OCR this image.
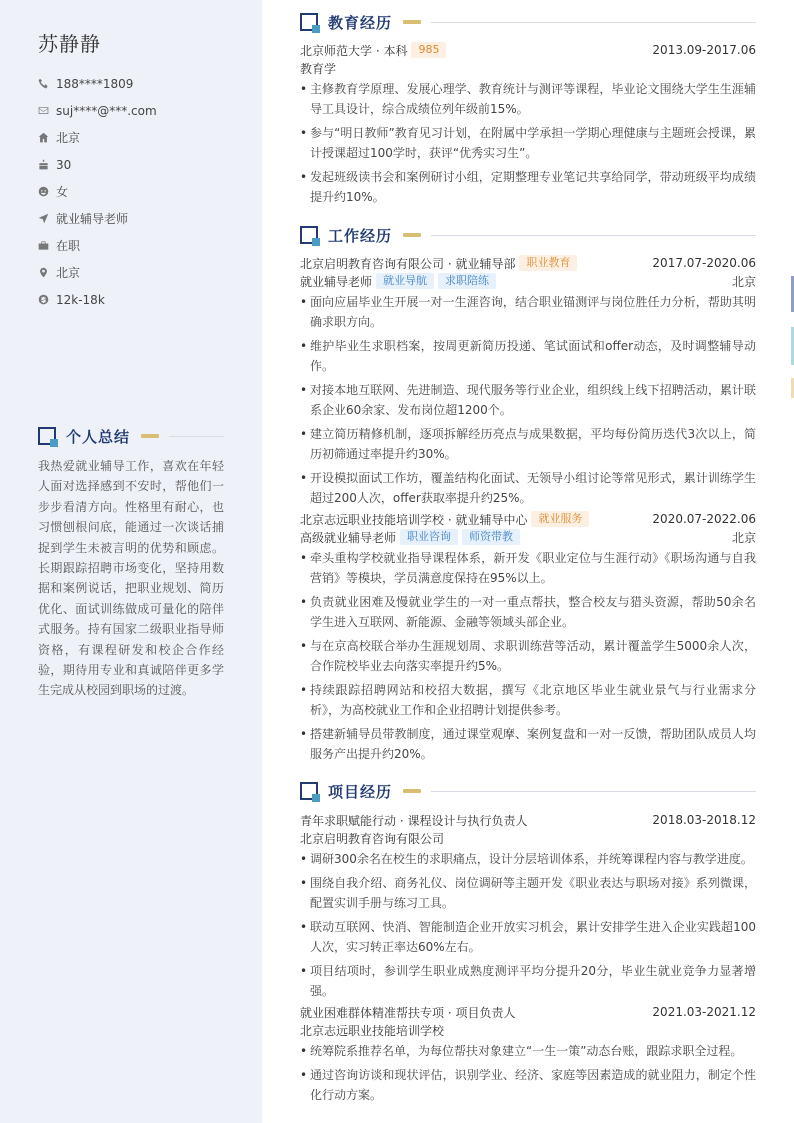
苏静静
188****1809
suj****@***.com
北京
30
女
就业辅导老师
在职
北京
12k-18k
个人总结

我热爱就业辅导工作，喜欢在年轻人面对选择感到不安时，帮他们一步步看清方向。性格里有耐心，也习惯刨根问底，能通过一次谈话捕捉到学生未被言明的优势和顾虑。长期跟踪招聘市场变化，坚持用数据和案例说话，把职业规划、简历优化、面试训练做成可量化的陪伴式服务。持有国家二级职业指导师资格，有课程研发和校企合作经验，期待用专业和真诚陪伴更多学生完成从校园到职场的过渡。

教育经历
北京师范大学 · 本科	985	2013.09-2017.06
教育学
• 主修教育学原理、发展心理学、教育统计与测评等课程，毕业论文围绕大学生生涯辅导工具设计，综合成绩位列年级前15%。
• 参与“明日教师”教育见习计划，在附属中学承担一学期心理健康与主题班会授课，累计授课超过100学时，获评“优秀实习生”。
• 发起班级读书会和案例研讨小组，定期整理专业笔记共享给同学，带动班级平均成绩提升约10%。
工作经历
北京启明教育咨询有限公司 · 就业辅导部	职业教育	2017.07-2020.06
就业辅导老师	就业导航	求职陪练	北京
• 面向应届毕业生开展一对一生涯咨询，结合职业锚测评与岗位胜任力分析，帮助其明确求职方向。
• 维护毕业生求职档案，按周更新简历投递、笔试面试和offer动态，及时调整辅导动作。
• 对接本地互联网、先进制造、现代服务等行业企业，组织线上线下招聘活动，累计联系企业60余家、发布岗位超1200个。
• 建立简历精修机制，逐项拆解经历亮点与成果数据，平均每份简历迭代3次以上，简历初筛通过率提升约30%。
• 开设模拟面试工作坊，覆盖结构化面试、无领导小组讨论等常见形式，累计训练学生超过200人次，offer获取率提升约25%。
北京志远职业技能培训学校 · 就业辅导中心	就业服务	2020.07-2022.06
高级就业辅导老师	职业咨询	师资带教	北京
• 牵头重构学校就业指导课程体系，新开发《职业定位与生涯行动》《职场沟通与自我营销》等模块，学员满意度保持在95%以上。
• 负责就业困难及慢就业学生的一对一重点帮扶，整合校友与猎头资源，帮助50余名学生进入互联网、新能源、金融等领域头部企业。
• 与在京高校联合举办生涯规划周、求职训练营等活动，累计覆盖学生5000余人次，合作院校毕业去向落实率提升约5%。
• 持续跟踪招聘网站和校招大数据，撰写《北京地区毕业生就业景气与行业需求分析》，为高校就业工作和企业招聘计划提供参考。
• 搭建新辅导员带教制度，通过课堂观摩、案例复盘和一对一反馈，帮助团队成员人均服务产出提升约20%。
项目经历
青年求职赋能行动 · 课程设计与执行负责人	2018.03-2018.12
北京启明教育咨询有限公司
• 调研300余名在校生的求职痛点，设计分层培训体系，并统筹课程内容与教学进度。
• 围绕自我介绍、商务礼仪、岗位调研等主题开发《职业表达与职场对接》系列微课，配置实训手册与练习工具。
• 联动互联网、快消、智能制造企业开放实习机会，累计安排学生进入企业实践超100人次，实习转正率达60%左右。
• 项目结项时，参训学生职业成熟度测评平均分提升20分，毕业生就业竞争力显著增强。
就业困难群体精准帮扶专项 · 项目负责人	2021.03-2021.12
北京志远职业技能培训学校
• 统筹院系推荐名单，为每位帮扶对象建立“一生一策”动态台账，跟踪求职全过程。
• 通过咨询访谈和现状评估，识别学业、经济、家庭等因素造成的就业阻力，制定个性化行动方案。
